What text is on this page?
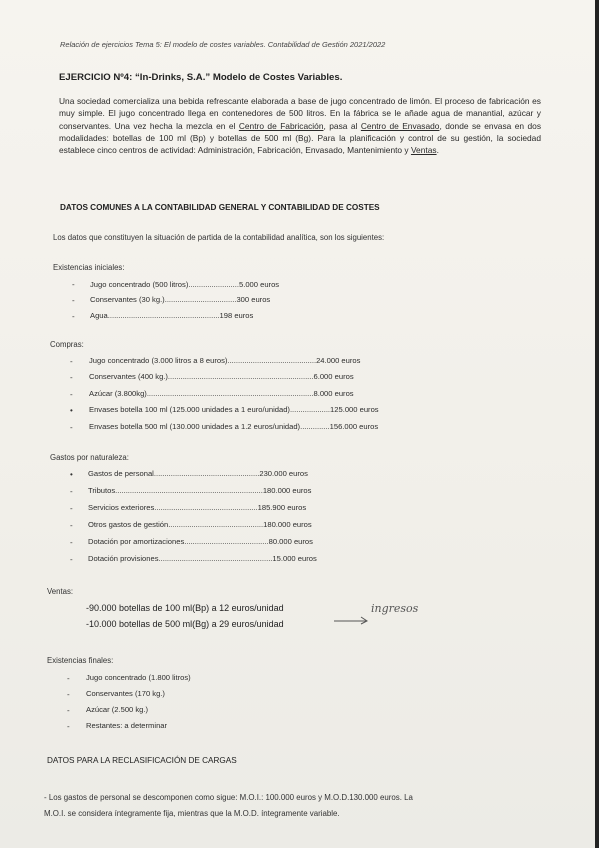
Relación de ejercicios Tema 5: El modelo de costes variables. Contabilidad de Gestión 2021/2022
EJERCICIO Nº4: “In-Drinks, S.A.” Modelo de Costes Variables.
Una sociedad comercializa una bebida refrescante elaborada a base de jugo concentrado de limón. El proceso de fabricación es muy simple. El jugo concentrado llega en contenedores de 500 litros. En la fábrica se le añade agua de manantial, azúcar y conservantes. Una vez hecha la mezcla en el Centro de Fabricación, pasa al Centro de Envasado, donde se envasa en dos modalidades: botellas de 100 ml (Bp) y botellas de 500 ml (Bg). Para la planificación y control de su gestión, la sociedad establece cinco centros de actividad: Administración, Fabricación, Envasado, Mantenimiento y Ventas.
DATOS COMUNES A LA CONTABILIDAD GENERAL Y CONTABILIDAD DE COSTES
Los datos que constituyen la situación de partida de la contabilidad analítica, son los siguientes:
Existencias iniciales:
- Jugo concentrado (500 litros)........................5.000 euros
- Conservantes (30 kg.)..................................300 euros
- Agua.....................................................198 euros
Compras:
- Jugo concentrado (3.000 litros a 8 euros)..........................................24.000 euros
- Conservantes (400 kg.).....................................................................6.000 euros
- Azúcar (3.800kg)...............................................................................8.000 euros
• Envases botella 100 ml (125.000 unidades a 1 euro/unidad)...................125.000 euros
- Envases botella 500 ml (130.000 unidades a 1.2 euros/unidad)..............156.000 euros
Gastos por naturaleza:
• Gastos de personal..................................................230.000 euros
- Tributos......................................................................180.000 euros
- Servicios exteriores.................................................185.900 euros
- Otros gastos de gestión.............................................180.000 euros
- Dotación por amortizaciones........................................80.000 euros
- Dotación provisiones......................................................15.000 euros
Ventas:
-90.000 botellas de 100 ml(Bp) a 12 euros/unidad
-10.000 botellas de 500 ml(Bg) a 29 euros/unidad
ingresos
Existencias finales:
- Jugo concentrado (1.800 litros)
- Conservantes (170 kg.)
- Azúcar (2.500 kg.)
- Restantes: a determinar
DATOS PARA LA RECLASIFICACIÓN DE CARGAS
- Los gastos de personal se descomponen como sigue: M.O.I.: 100.000 euros y M.O.D.130.000 euros. La
M.O.I. se considera íntegramente fija, mientras que la M.O.D. íntegramente variable.
